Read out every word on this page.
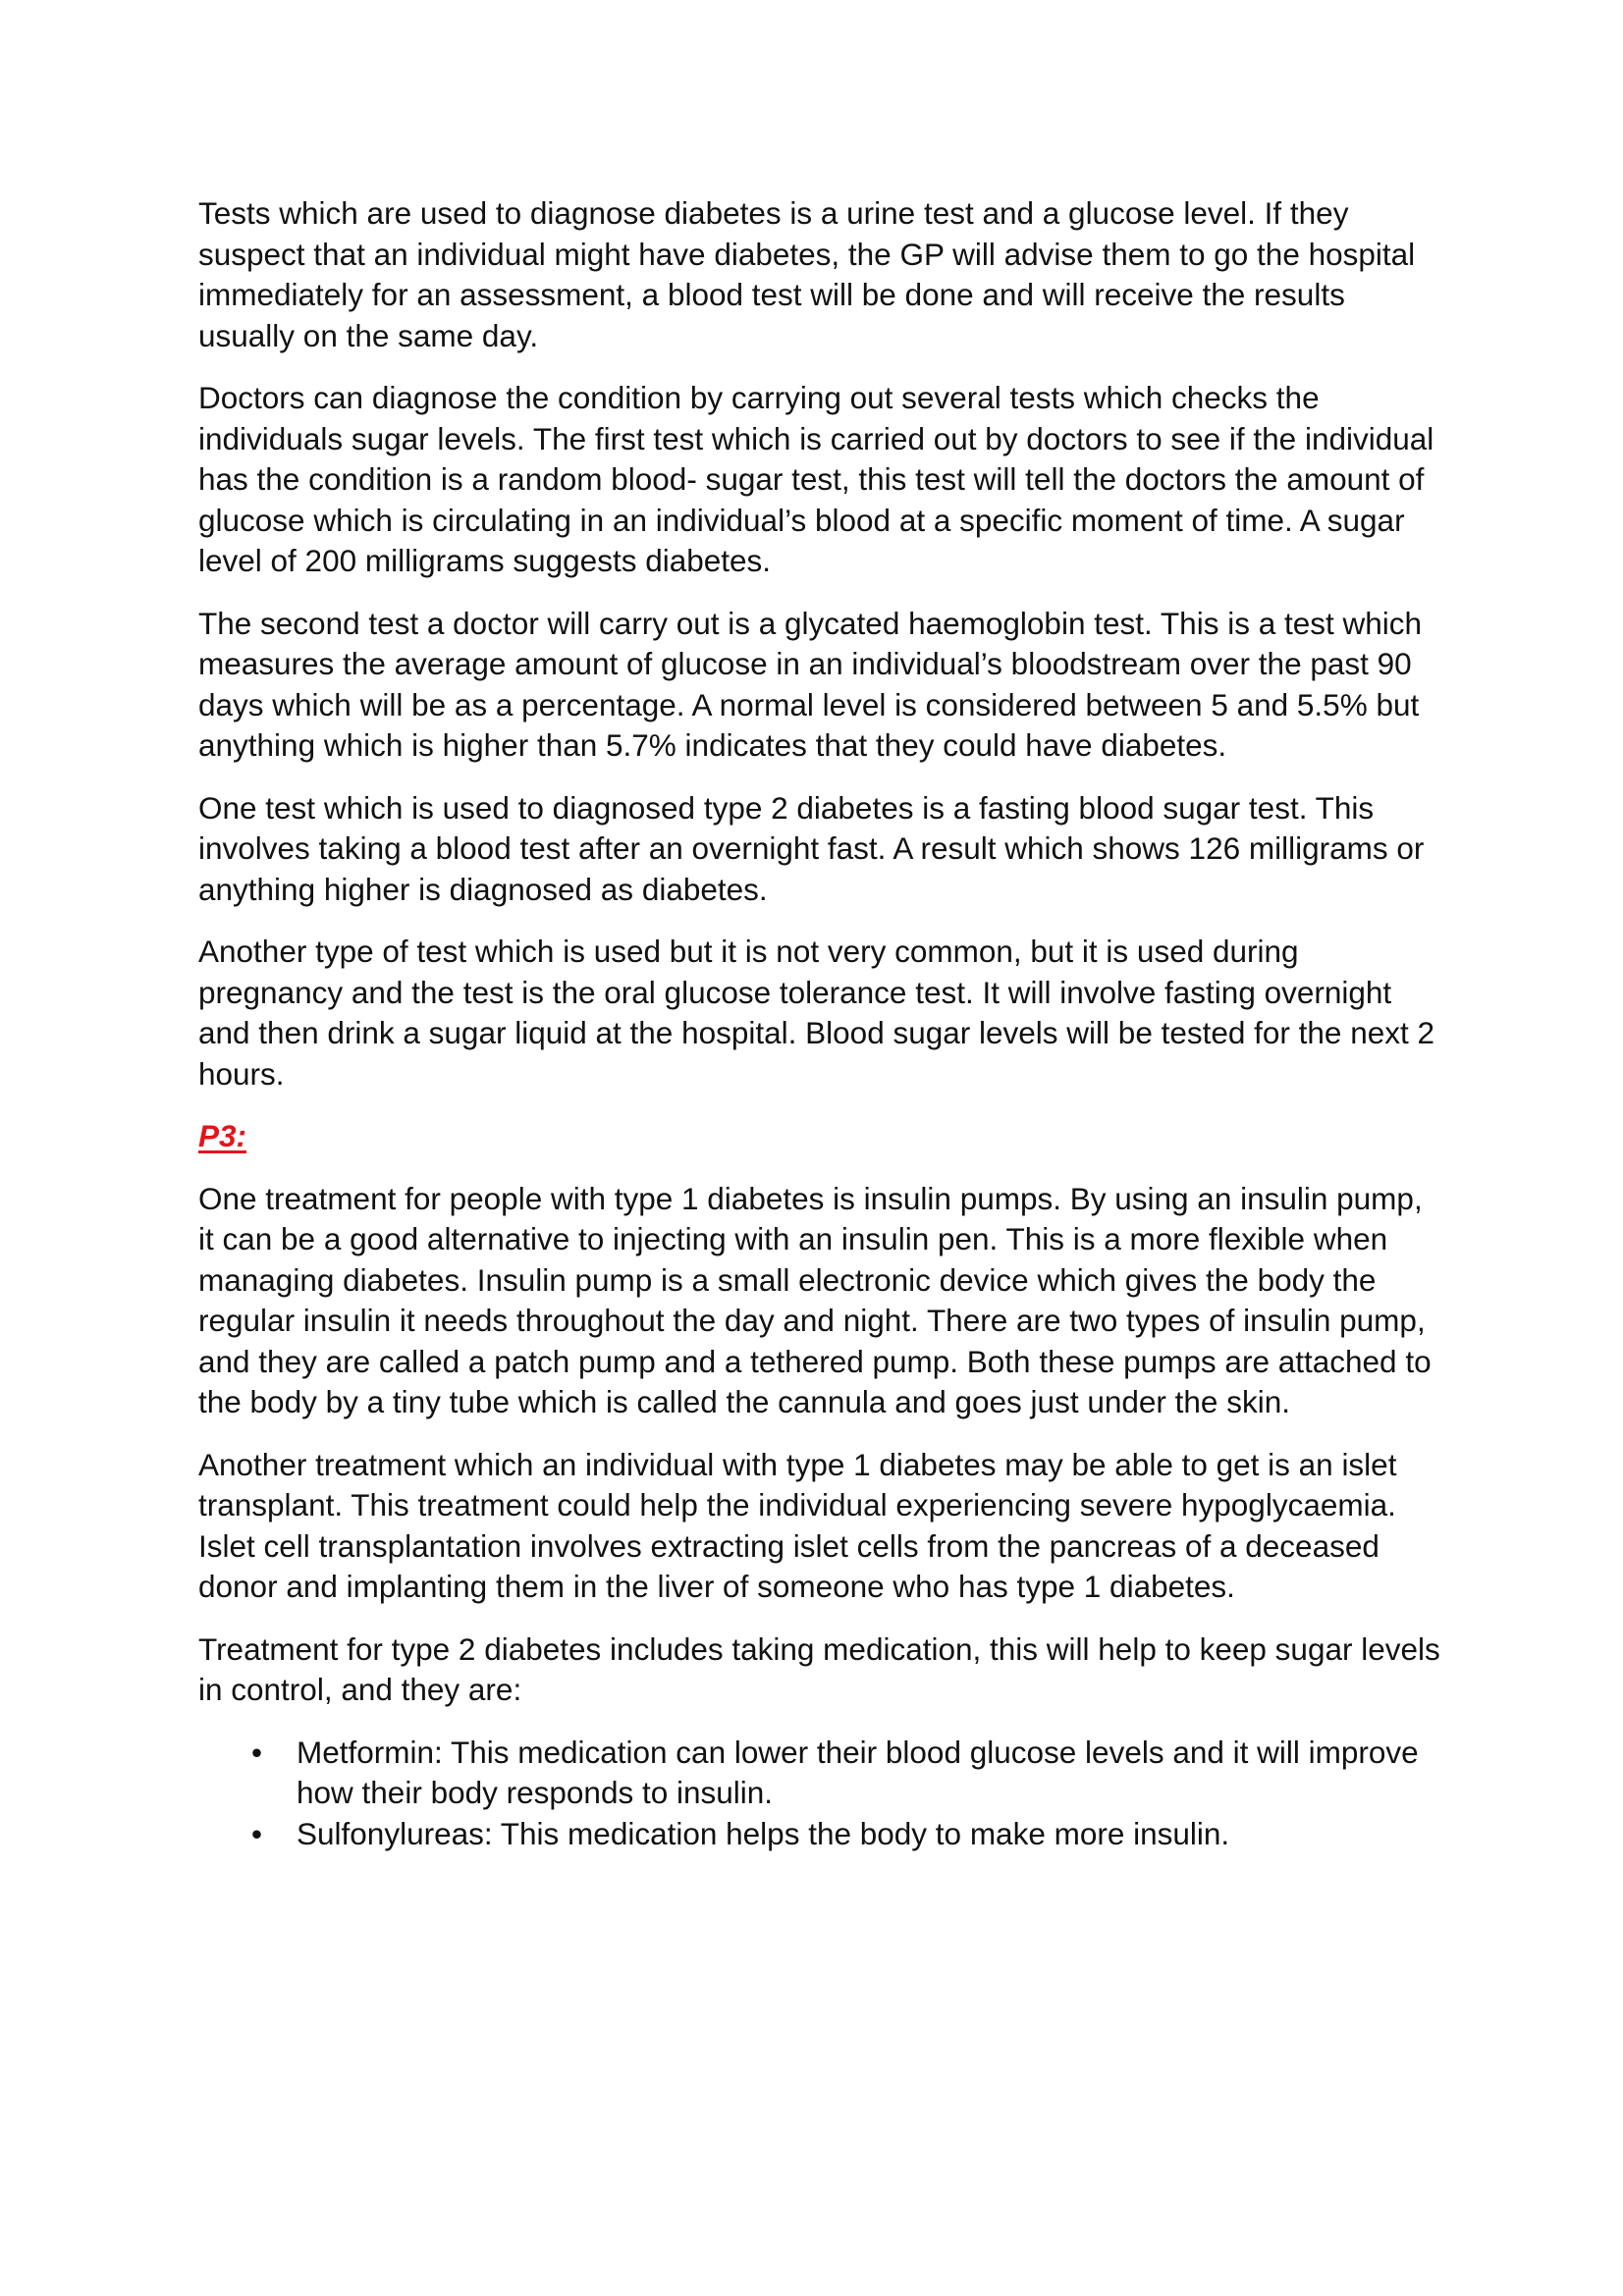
Tests which are used to diagnose diabetes is a urine test and a glucose level. If they suspect that an individual might have diabetes, the GP will advise them to go the hospital immediately for an assessment, a blood test will be done and will receive the results usually on the same day.

Doctors can diagnose the condition by carrying out several tests which checks the individuals sugar levels. The first test which is carried out by doctors to see if the individual has the condition is a random blood- sugar test, this test will tell the doctors the amount of glucose which is circulating in an individual’s blood at a specific moment of time. A sugar level of 200 milligrams suggests diabetes.

The second test a doctor will carry out is a glycated haemoglobin test. This is a test which measures the average amount of glucose in an individual’s bloodstream over the past 90 days which will be as a percentage. A normal level is considered between 5 and 5.5% but anything which is higher than 5.7% indicates that they could have diabetes.

One test which is used to diagnosed type 2 diabetes is a fasting blood sugar test. This involves taking a blood test after an overnight fast. A result which shows 126 milligrams or anything higher is diagnosed as diabetes.

Another type of test which is used but it is not very common, but it is used during pregnancy and the test is the oral glucose tolerance test. It will involve fasting overnight and then drink a sugar liquid at the hospital. Blood sugar levels will be tested for the next 2 hours.

P3:

One treatment for people with type 1 diabetes is insulin pumps. By using an insulin pump, it can be a good alternative to injecting with an insulin pen. This is a more flexible when managing diabetes. Insulin pump is a small electronic device which gives the body the regular insulin it needs throughout the day and night. There are two types of insulin pump, and they are called a patch pump and a tethered pump. Both these pumps are attached to the body by a tiny tube which is called the cannula and goes just under the skin.

Another treatment which an individual with type 1 diabetes may be able to get is an islet transplant. This treatment could help the individual experiencing severe hypoglycaemia. Islet cell transplantation involves extracting islet cells from the pancreas of a deceased donor and implanting them in the liver of someone who has type 1 diabetes.

Treatment for type 2 diabetes includes taking medication, this will help to keep sugar levels in control, and they are:

• Metformin: This medication can lower their blood glucose levels and it will improve how their body responds to insulin.
• Sulfonylureas: This medication helps the body to make more insulin.
